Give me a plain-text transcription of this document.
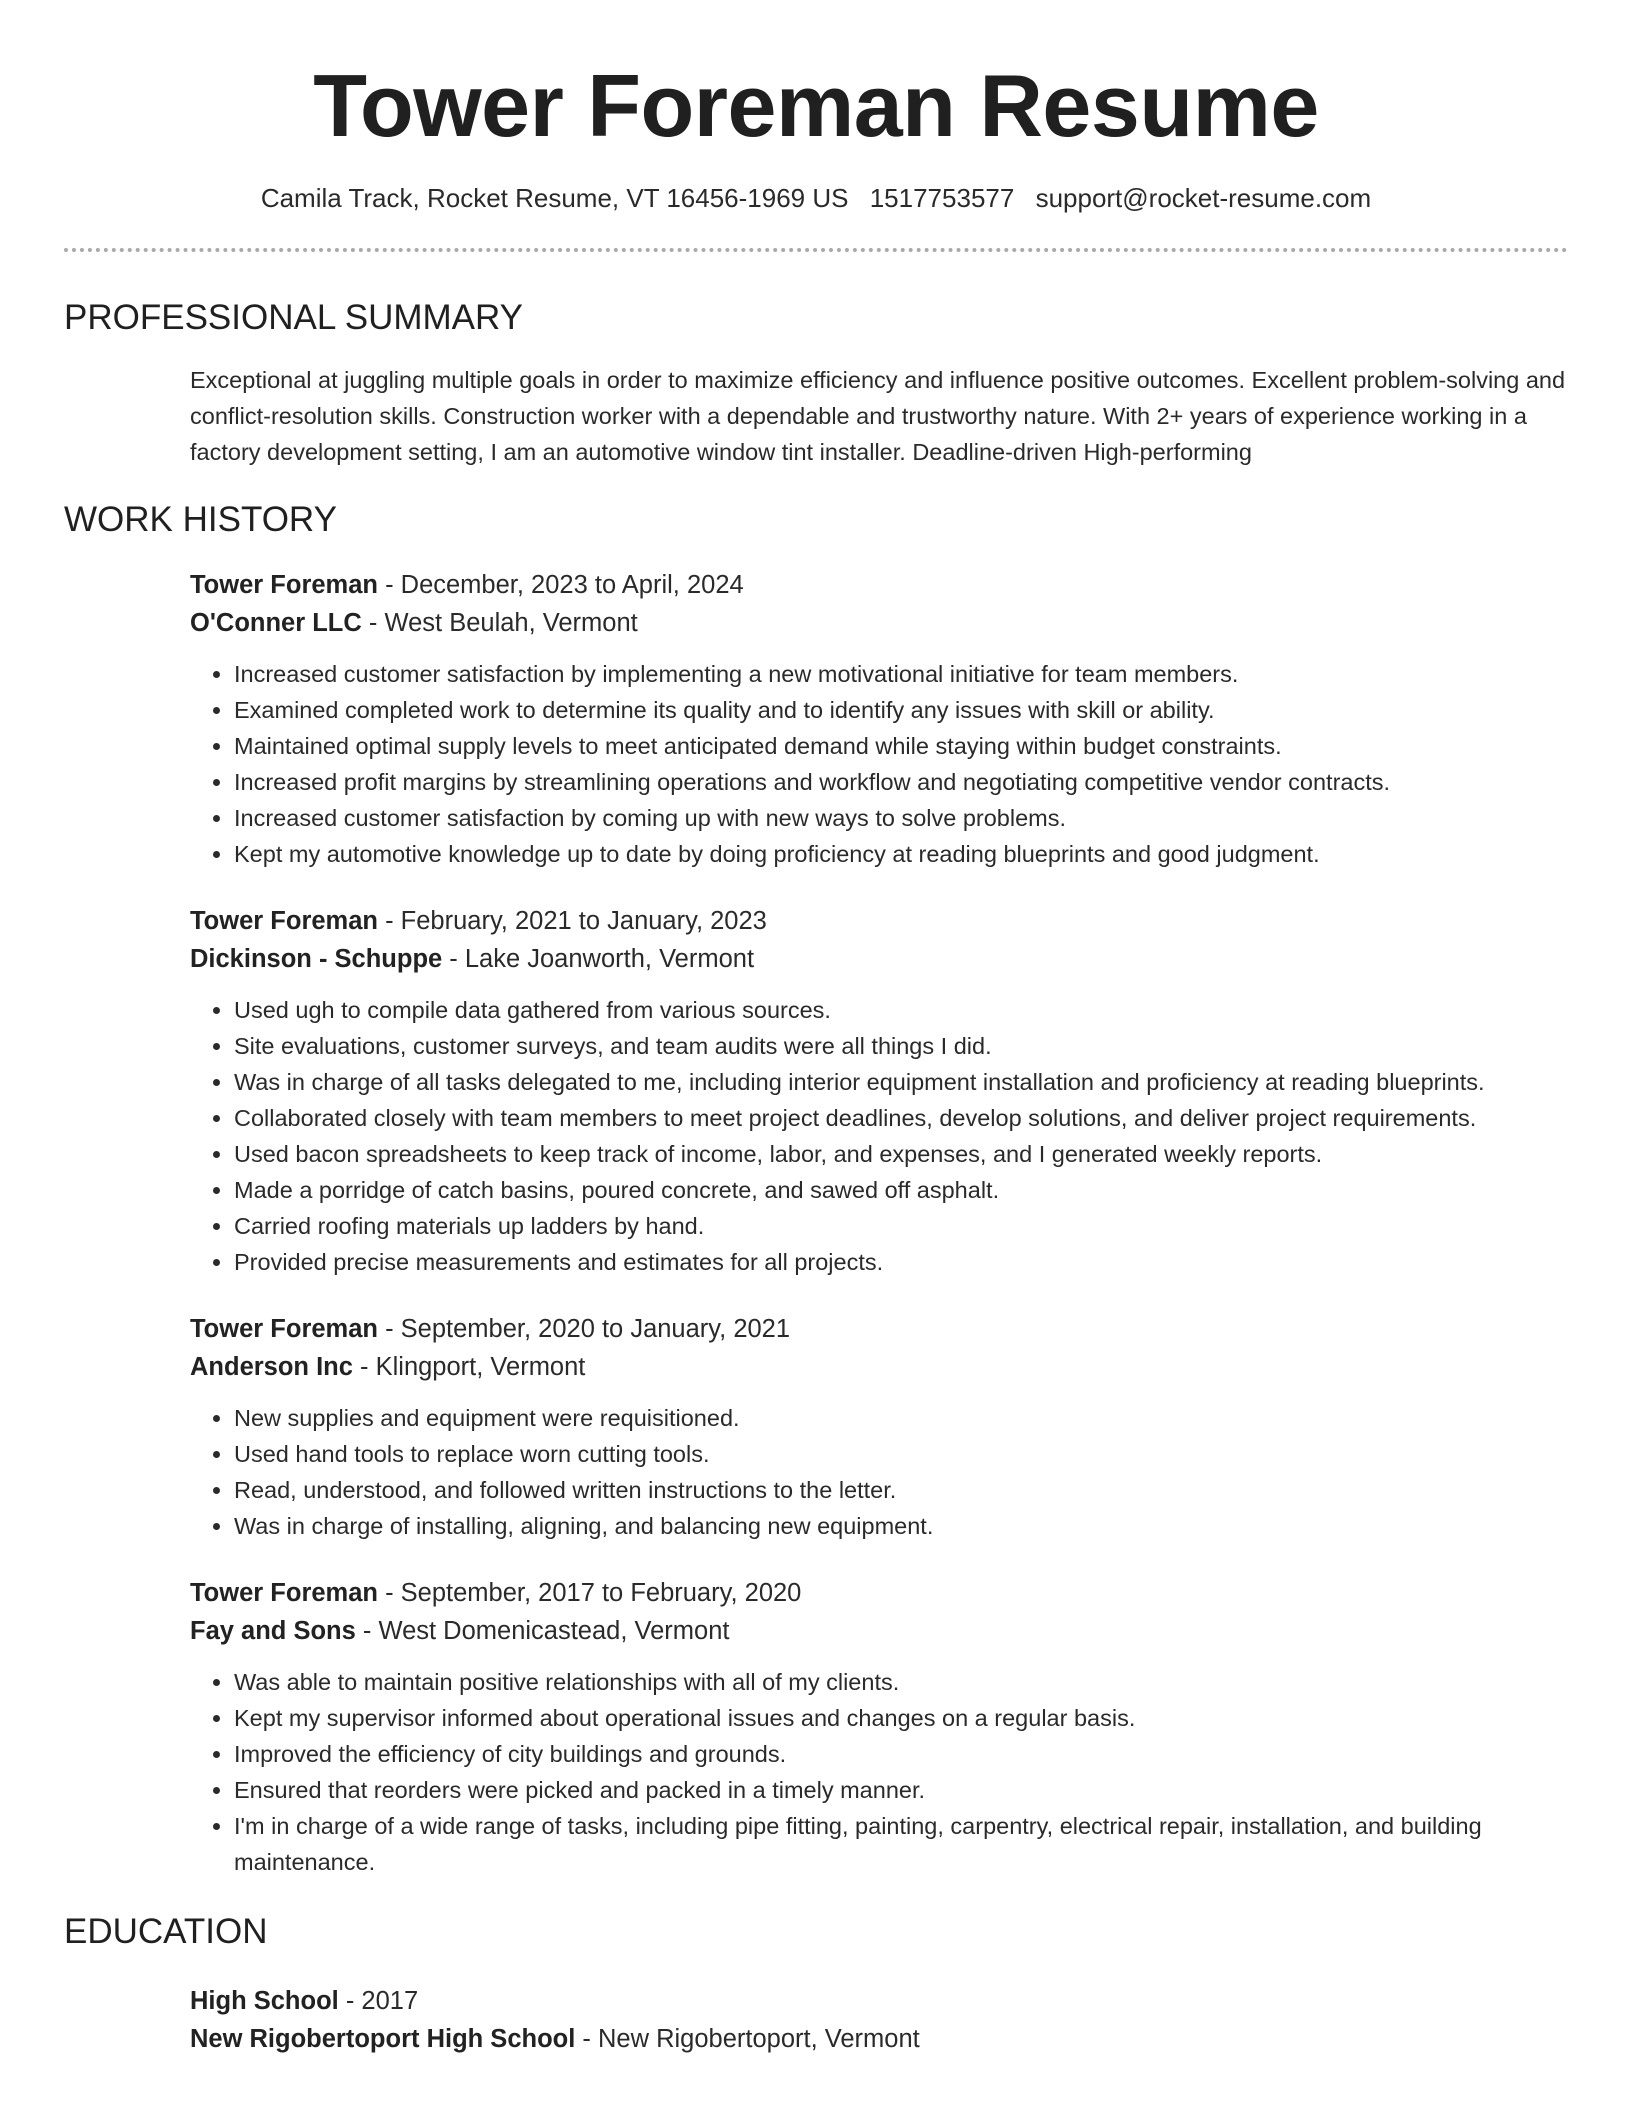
Tower Foreman Resume
Camila Track, Rocket Resume, VT 16456-1969 US 1517753577 support@rocket-resume.com
PROFESSIONAL SUMMARY
Exceptional at juggling multiple goals in order to maximize efficiency and influence positive outcomes. Excellent problem-solving and conflict-resolution skills. Construction worker with a dependable and trustworthy nature. With 2+ years of experience working in a factory development setting, I am an automotive window tint installer. Deadline-driven High-performing
WORK HISTORY
Tower Foreman - December, 2023 to April, 2024
O'Conner LLC - West Beulah, Vermont
• Increased customer satisfaction by implementing a new motivational initiative for team members.
• Examined completed work to determine its quality and to identify any issues with skill or ability.
• Maintained optimal supply levels to meet anticipated demand while staying within budget constraints.
• Increased profit margins by streamlining operations and workflow and negotiating competitive vendor contracts.
• Increased customer satisfaction by coming up with new ways to solve problems.
• Kept my automotive knowledge up to date by doing proficiency at reading blueprints and good judgment.
Tower Foreman - February, 2021 to January, 2023
Dickinson - Schuppe - Lake Joanworth, Vermont
• Used ugh to compile data gathered from various sources.
• Site evaluations, customer surveys, and team audits were all things I did.
• Was in charge of all tasks delegated to me, including interior equipment installation and proficiency at reading blueprints.
• Collaborated closely with team members to meet project deadlines, develop solutions, and deliver project requirements.
• Used bacon spreadsheets to keep track of income, labor, and expenses, and I generated weekly reports.
• Made a porridge of catch basins, poured concrete, and sawed off asphalt.
• Carried roofing materials up ladders by hand.
• Provided precise measurements and estimates for all projects.
Tower Foreman - September, 2020 to January, 2021
Anderson Inc - Klingport, Vermont
• New supplies and equipment were requisitioned.
• Used hand tools to replace worn cutting tools.
• Read, understood, and followed written instructions to the letter.
• Was in charge of installing, aligning, and balancing new equipment.
Tower Foreman - September, 2017 to February, 2020
Fay and Sons - West Domenicastead, Vermont
• Was able to maintain positive relationships with all of my clients.
• Kept my supervisor informed about operational issues and changes on a regular basis.
• Improved the efficiency of city buildings and grounds.
• Ensured that reorders were picked and packed in a timely manner.
• I'm in charge of a wide range of tasks, including pipe fitting, painting, carpentry, electrical repair, installation, and building maintenance.
EDUCATION
High School - 2017
New Rigobertoport High School - New Rigobertoport, Vermont
